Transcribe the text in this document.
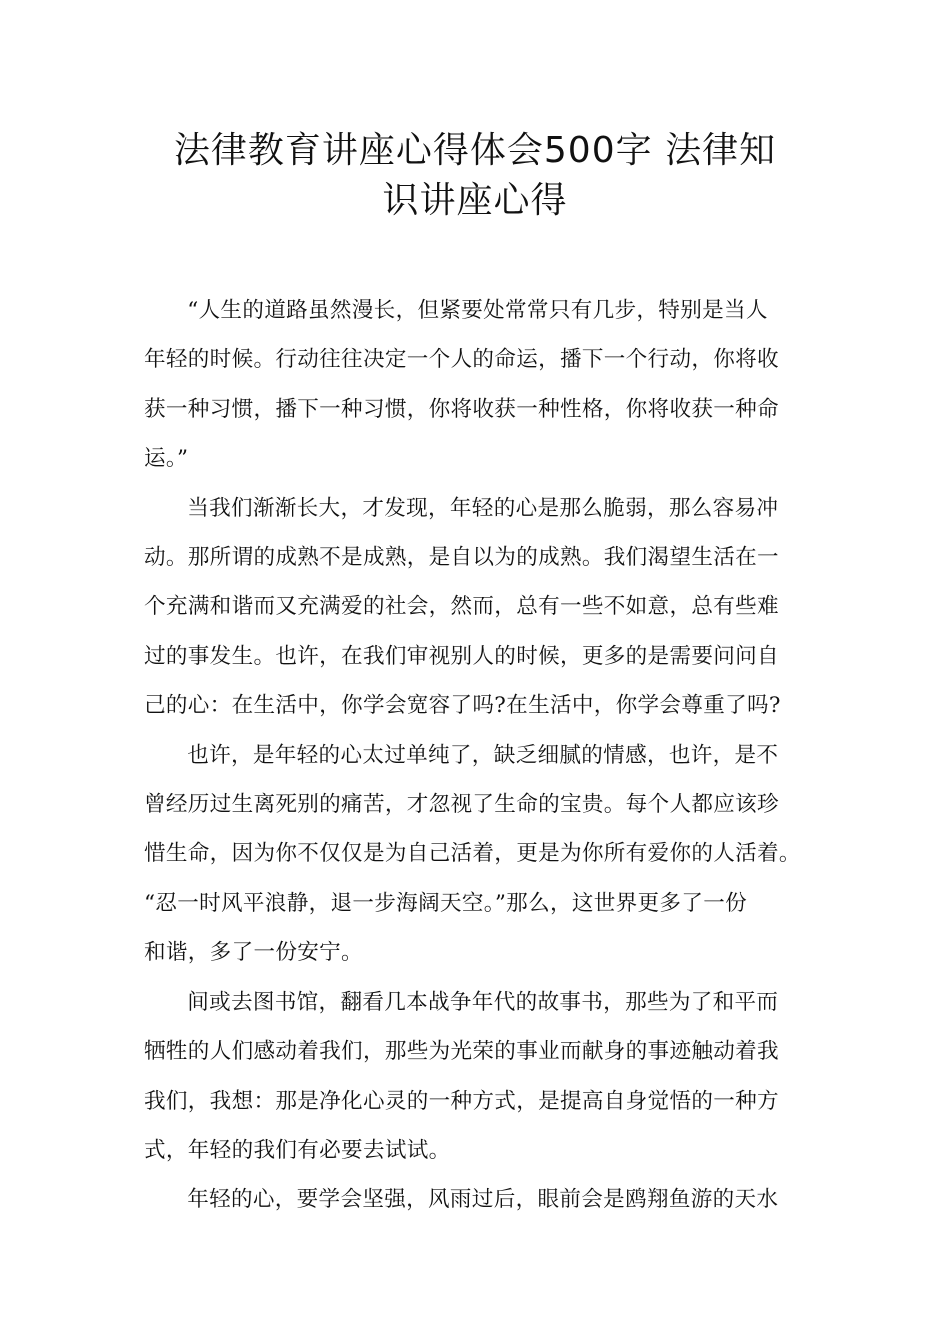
法律教育讲座心得体会500字 法律知
识讲座心得
“人生的道路虽然漫长，但紧要处常常只有几步，特别是当人
年轻的时候。行动往往决定一个人的命运，播下一个行动，你将收
获一种习惯，播下一种习惯，你将收获一种性格，你将收获一种命
运。”
当我们渐渐长大，才发现，年轻的心是那么脆弱，那么容易冲
动。那所谓的成熟不是成熟，是自以为的成熟。我们渴望生活在一
个充满和谐而又充满爱的社会，然而，总有一些不如意，总有些难
过的事发生。也许，在我们审视别人的时候，更多的是需要问问自
己的心：在生活中，你学会宽容了吗?在生活中，你学会尊重了吗?
也许，是年轻的心太过单纯了，缺乏细腻的情感，也许，是不
曾经历过生离死别的痛苦，才忽视了生命的宝贵。每个人都应该珍
惜生命，因为你不仅仅是为自己活着，更是为你所有爱你的人活着。
“忍一时风平浪静，退一步海阔天空。”那么，这世界更多了一份
和谐，多了一份安宁。
间或去图书馆，翻看几本战争年代的故事书，那些为了和平而
牺牲的人们感动着我们，那些为光荣的事业而献身的事迹触动着我
我们，我想：那是净化心灵的一种方式，是提高自身觉悟的一种方
式，年轻的我们有必要去试试。
年轻的心，要学会坚强，风雨过后，眼前会是鸥翔鱼游的天水
